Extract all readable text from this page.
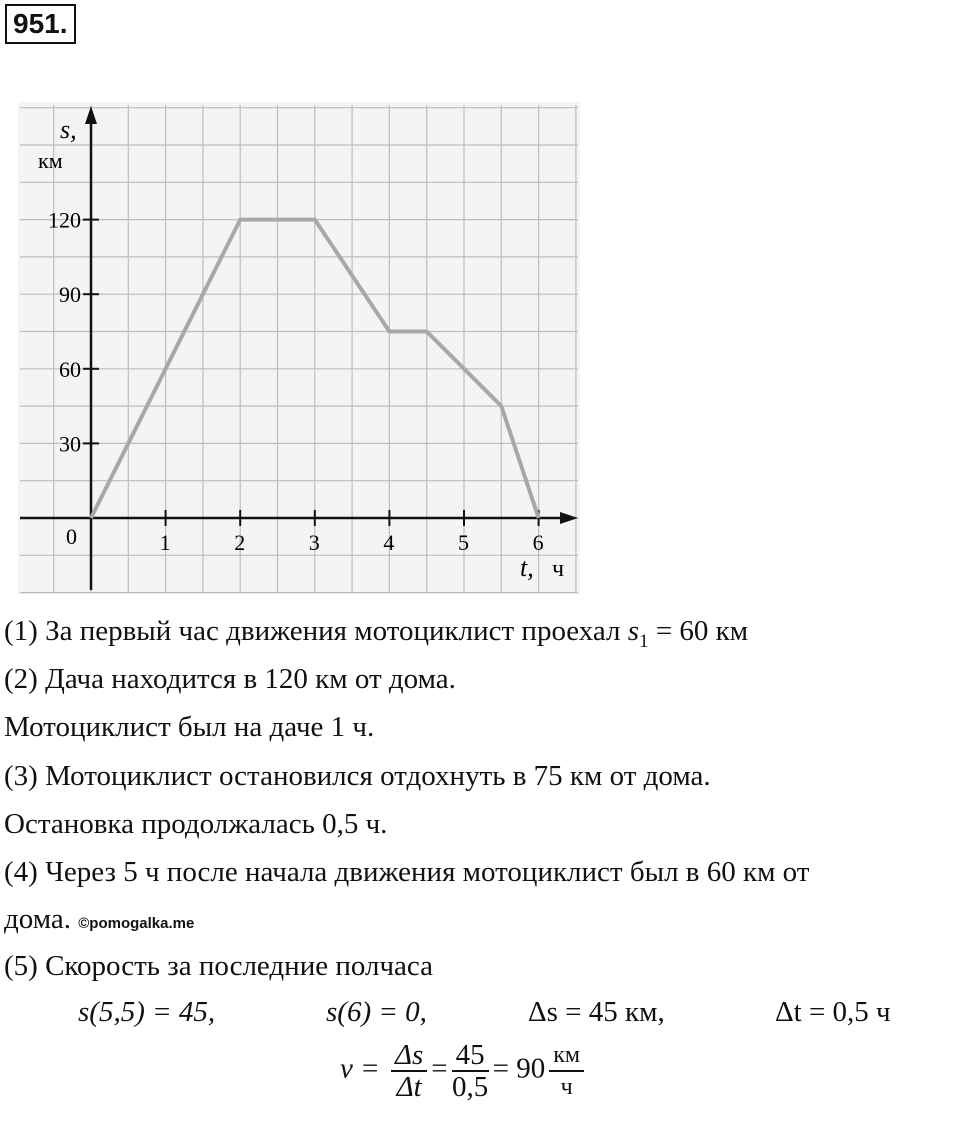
951.
1	2	3	4	5	6
30
60
90
120
s,
км
t, ч
0
(1) За первый час движения мотоциклист проехал $s_1 = 60$ км
(2) Дача находится в 120 км от дома.
Мотоциклист был на даче 1 ч.
(3) Мотоциклист остановился отдохнуть в 75 км от дома.
Остановка продолжалась 0,5 ч.
(4) Через 5 ч после начала движения мотоциклист был в 60 км от
дома. ©pomogalka.me
(5) Скорость за последние полчаса
s(5,5) = 45,	s(6) = 0,	Δs = 45 км,	Δt = 0,5 ч
$v = \frac{\Delta s}{\Delta t} = \frac{45}{0,5} = 90$ км
ч
